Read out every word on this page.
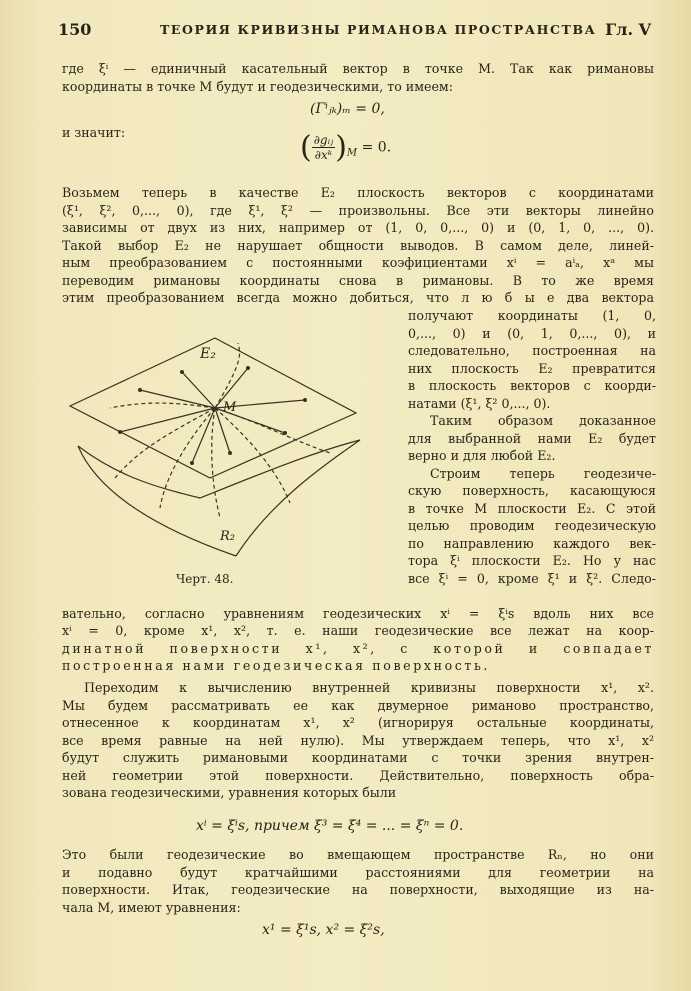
150	ТЕОРИЯ КРИВИЗНЫ РИМАНОВА ПРОСТРАНСТВА Гл. V
где ξⁱ — единичный касательный вектор в точке M. Так как римановы
координаты в точке M будут и геодезическими, то имеем:
(Γⁱⱼₖ)ₘ = 0,
и значит:	( $\frac{\text{∂gᵢⱼ}}{\text{∂xᵏ}} )_M = 0$.
Возьмем теперь в качестве E₂ плоскость векторов с координатами
(ξ¹, ξ², 0,..., 0), где ξ¹, ξ² — произвольны. Все эти векторы линейно
зависимы от двух из них, например от (1, 0, 0,..., 0) и (0, 1, 0, ..., 0).
Такой выбор E₂ не нарушает общности выводов. В самом деле, линей-
ным преобразованием с постоянными коэфициентами xⁱ = aⁱₐ, xᵃ мы
переводим римановы координаты снова в римановы. В то же время
этим преобразованием всегда можно добиться, что л ю б ы е два вектора
получают координаты (1, 0,
0,..., 0) и (0, 1, 0,..., 0), и
следовательно, построенная на
них плоскость E₂ превратится
в плоскость векторов с коорди-
натами (ξ¹, ξ² 0,..., 0).
Таким образом доказанное
для выбранной нами E₂ будет
верно и для любой E₂.
Строим теперь геодезиче-
скую поверхность, касающуюся
в точке M плоскости E₂. С этой
целью проводим геодезическую
по направлению каждого век-
тора ξⁱ плоскости E₂. Но у нас
все ξⁱ = 0, кроме ξ¹ и ξ². Следо-
E₂
M
R₂
Черт. 48.
вательно, согласно уравнениям геодезических xⁱ = ξⁱs вдоль них все
xⁱ = 0, кроме x¹, x², т. е. наши геодезические все лежат на коор-
динатной поверхности x¹, x², с которой и совпадает
построенная нами геодезическая поверхность.
Переходим к вычислению внутренней кривизны поверхности x¹, x².
Мы будем рассматривать ее как двумерное риманово пространство,
отнесенное к координатам x¹, x² (игнорируя остальные координаты,
все время равные на ней нулю). Мы утверждаем теперь, что x¹, x²
будут служить римановыми координатами с точки зрения внутрен-
ней геометрии этой поверхности. Действительно, поверхность обра-
зована геодезическими, уравнения которых были
xⁱ = ξⁱs, причем ξ³ = ξ⁴ = ... = ξⁿ = 0.
Это были геодезические во вмещающем пространстве Rₙ, но они
и подавно будут кратчайшими расстояниями для геометрии на
поверхности. Итак, геодезические на поверхности, выходящие из на-
чала M, имеют уравнения:
x¹ = ξ¹s, x² = ξ²s,
